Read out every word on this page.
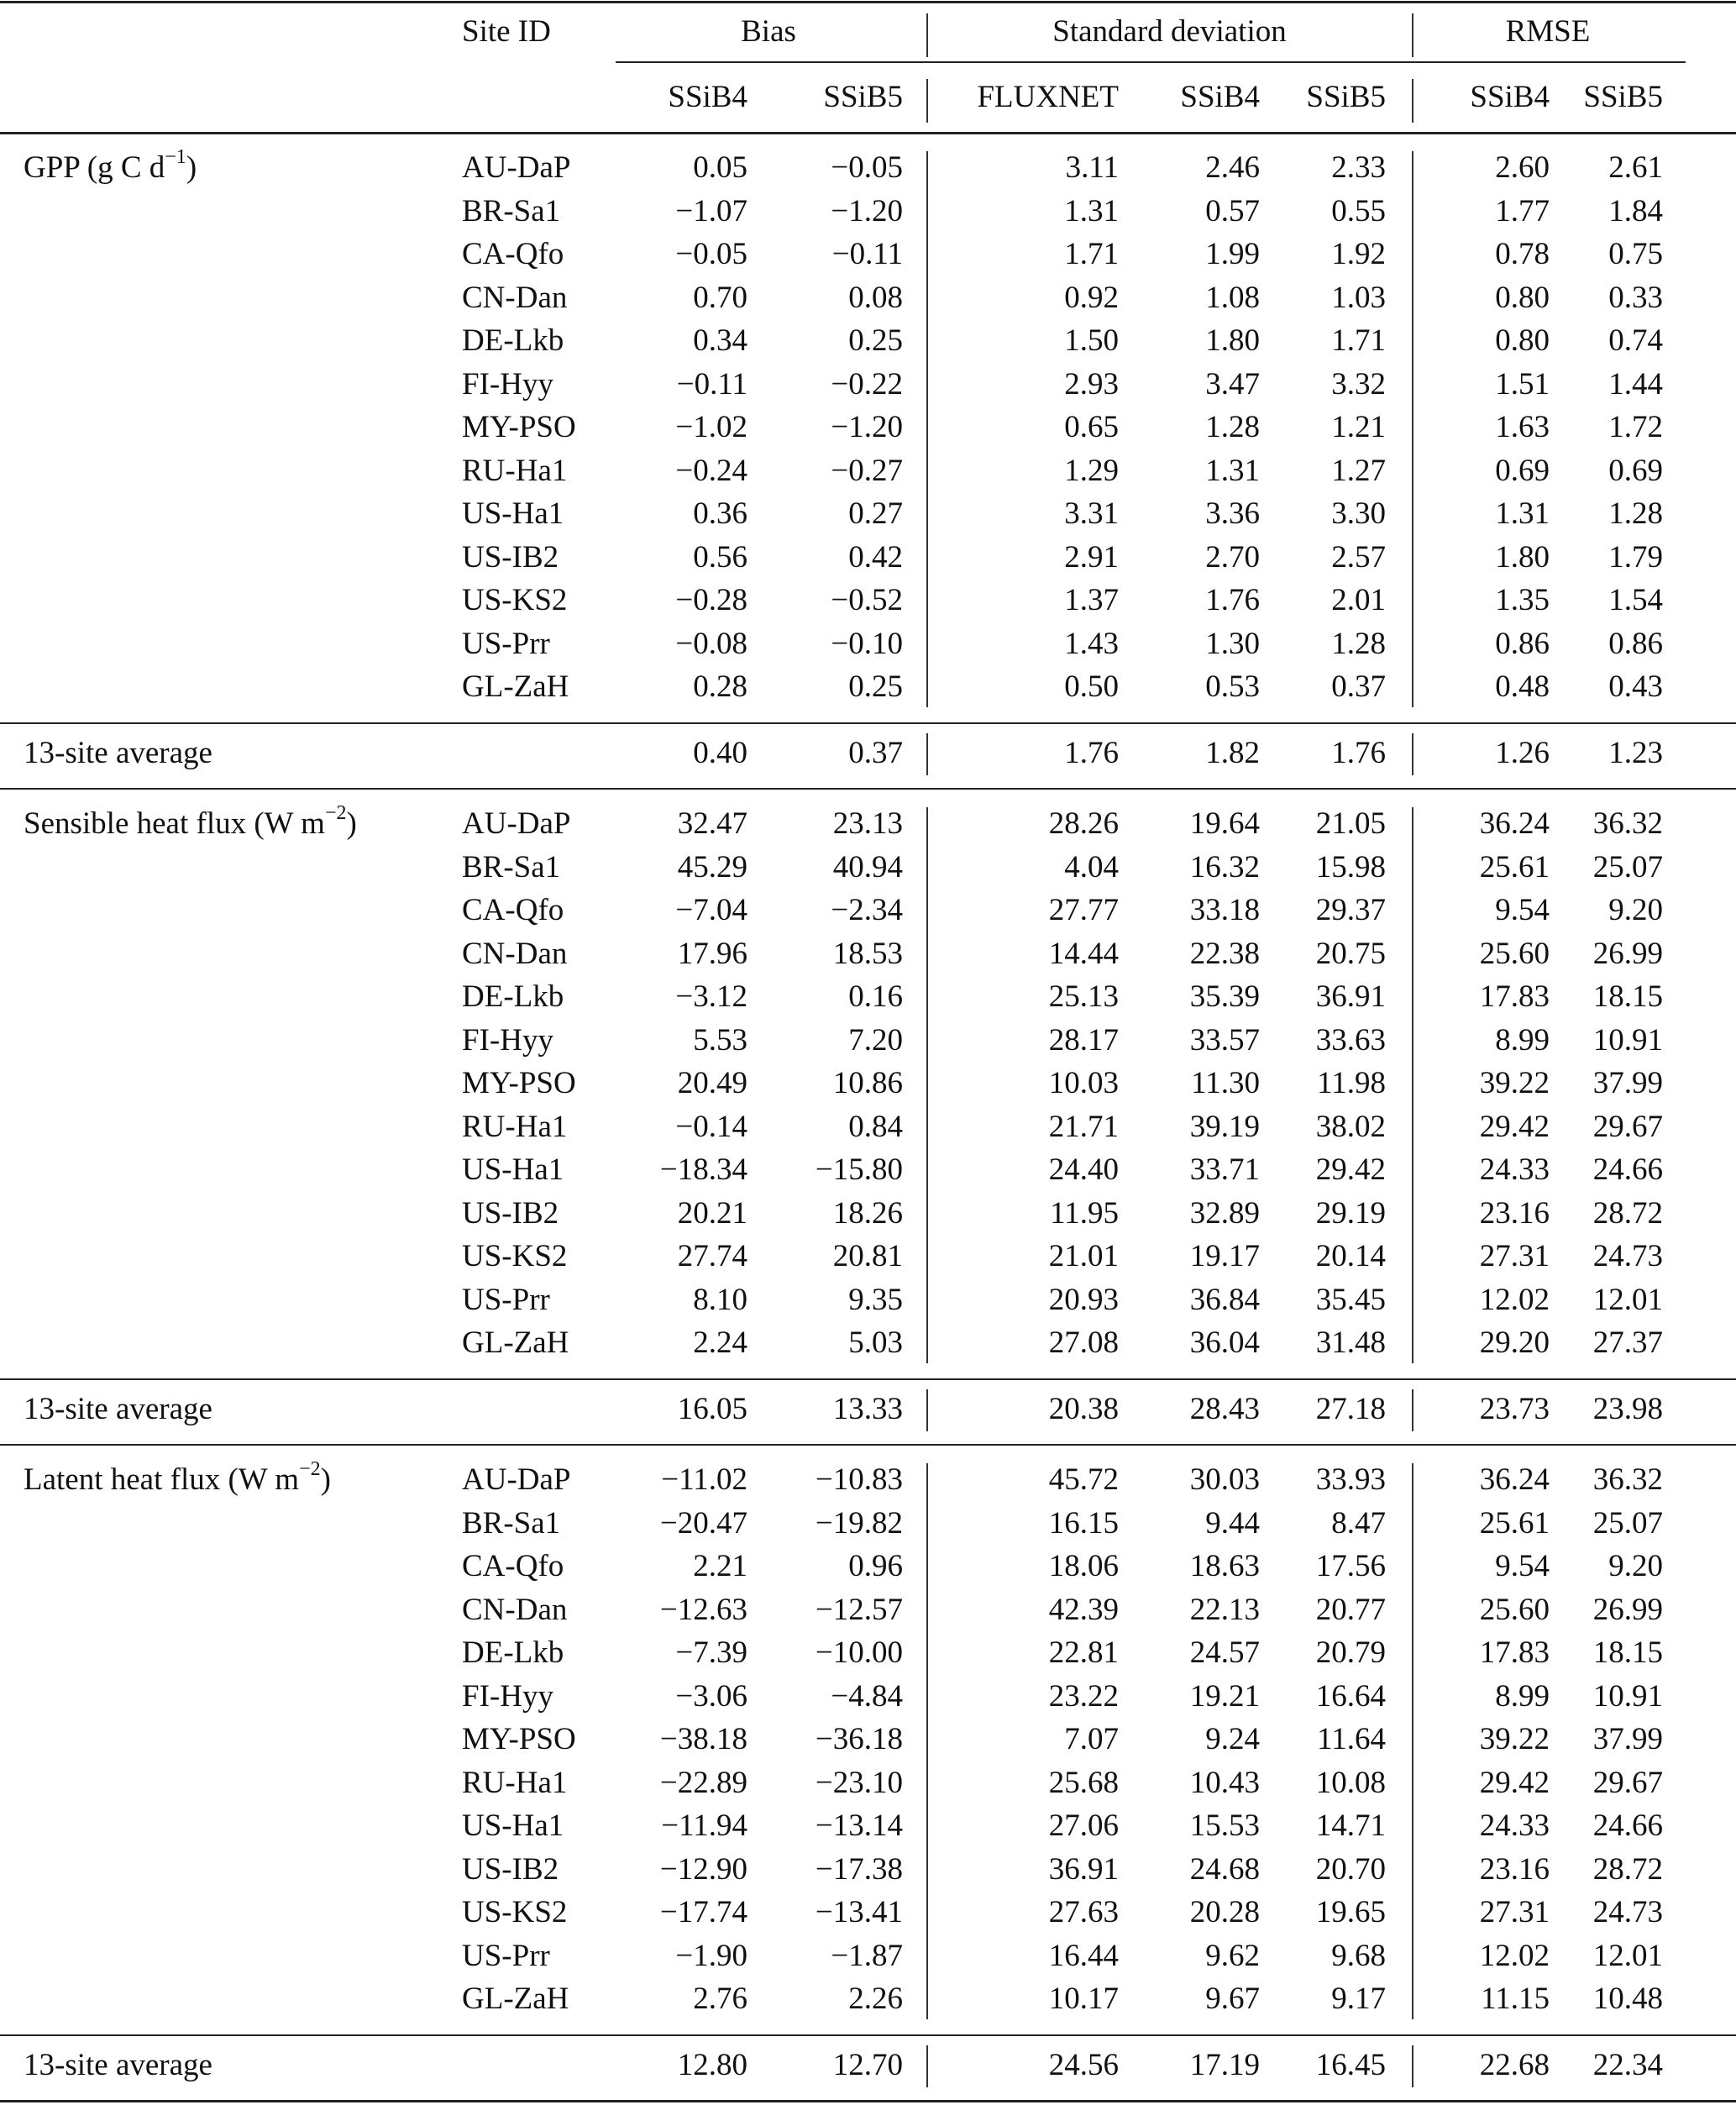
Site ID	Bias	Standard deviation	RMSE
SSiB4 SSiB5 FLUXNET SSiB4 SSiB5	SSiB4 SSiB5
GPP (g C $d^{-1}$)	AU-DaP	0.05	−0.05	3.11	2.46 2.33	2.60 2.61
BR-Sa1	−1.07	−1.20	1.31	0.57 0.55	1.77 1.84
CA-Qfo	−0.05	−0.11	1.71	1.99 1.92	0.78 0.75
CN-Dan	0.70	0.08	0.92	1.08 1.03	0.80 0.33
DE-Lkb	0.34	0.25	1.50	1.80 1.71	0.80 0.74
FI-Hyy	−0.11	−0.22	2.93	3.47 3.32	1.51 1.44
MY-PSO	−1.02	−1.20	0.65	1.28 1.21	1.63 1.72
RU-Ha1	−0.24	−0.27	1.29	1.31 1.27	0.69 0.69
US-Ha1	0.36	0.27	3.31	3.36 3.30	1.31 1.28
US-IB2	0.56	0.42	2.91	2.70 2.57	1.80 1.79
US-KS2	−0.28	−0.52	1.37	1.76 2.01	1.35 1.54
US-Prr	−0.08	−0.10	1.43	1.30 1.28	0.86 0.86
GL-ZaH	0.28	0.25	0.50	0.53 0.37	0.48 0.43
13-site average	0.40	0.37	1.76	1.82 1.76	1.26 1.23
Sensible heat flux (W $m^{-2}$)	AU-DaP	32.47	23.13	28.26 19.64 21.05	36.24 36.32
BR-Sa1	45.29	40.94	4.04 16.32 15.98	25.61 25.07
CA-Qfo	−7.04	−2.34	27.77 33.18 29.37	9.54 9.20
CN-Dan	17.96	18.53	14.44 22.38 20.75	25.60 26.99
DE-Lkb	−3.12	0.16	25.13 35.39 36.91	17.83 18.15
FI-Hyy	5.53	7.20	28.17 33.57 33.63	8.99 10.91
MY-PSO	20.49	10.86	10.03 11.30 11.98	39.22 37.99
RU-Ha1	−0.14	0.84	21.71 39.19 38.02	29.42 29.67
US-Ha1	−18.34 −15.80	24.40 33.71 29.42	24.33 24.66
US-IB2	20.21	18.26	11.95 32.89 29.19	23.16 28.72
US-KS2	27.74	20.81	21.01 19.17 20.14	27.31 24.73
US-Prr	8.10	9.35	20.93 36.84 35.45	12.02 12.01
GL-ZaH	2.24	5.03	27.08 36.04 31.48	29.20 27.37
13-site average	16.05	13.33	20.38 28.43 27.18	23.73 23.98
Latent heat flux (W $m^{-2}$)	AU-DaP	−11.02 −10.83	45.72 30.03 33.93	36.24 36.32
BR-Sa1	−20.47 −19.82	16.15	9.44 8.47	25.61 25.07
CA-Qfo	2.21	0.96	18.06 18.63 17.56	9.54 9.20
CN-Dan	−12.63 −12.57	42.39 22.13 20.77	25.60 26.99
DE-Lkb	−7.39 −10.00	22.81 24.57 20.79	17.83 18.15
FI-Hyy	−3.06	−4.84	23.22 19.21 16.64	8.99 10.91
MY-PSO	−38.18 −36.18	7.07	9.24 11.64	39.22 37.99
RU-Ha1	−22.89 −23.10	25.68 10.43 10.08	29.42 29.67
US-Ha1	−11.94 −13.14	27.06 15.53 14.71	24.33 24.66
US-IB2	−12.90 −17.38	36.91 24.68 20.70	23.16 28.72
US-KS2	−17.74 −13.41	27.63 20.28 19.65	27.31 24.73
US-Prr	−1.90	−1.87	16.44	9.62 9.68	12.02 12.01
GL-ZaH	2.76	2.26	10.17	9.67 9.17	11.15 10.48
13-site average	12.80	12.70	24.56 17.19 16.45	22.68 22.34
